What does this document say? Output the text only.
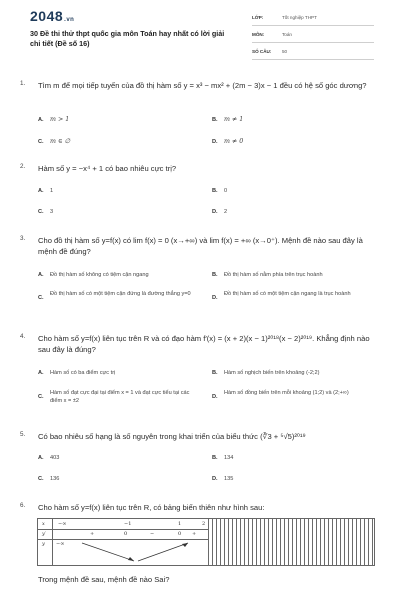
2048.vn
30 Đề thi thử thpt quốc gia môn Toán hay nhất có lời giải chi tiết (Đề số 16)
LỚP:	Tốt nghiệp THPT
MÔN:	Toán
SỐ CÂU: 50
1. Tìm m để mọi tiếp tuyến của đồ thị hàm số y = x³ − mx² + (2m − 3)x − 1 đều có hệ số góc dương?
A. m > 1	B. m ≠ 1
C. m ∈ ∅	D. m ≠ 0
2. Hàm số y = −x⁴ + 1 có bao nhiêu cực trị?
A. 1	B. 0
C. 3	D. 2
3. Cho đồ thị hàm số y=f(x) có lim f(x) = 0 (x→+∞) và lim f(x) = +∞ (x→0⁺). Mệnh đề nào sau đây là mệnh đề đúng?
A. Đồ thị hàm số không có tiệm cận ngang	B. Đồ thị hàm số nằm phía trên trục hoành
C.
Đồ thị hàm số có một tiệm cận đứng là đường thẳng y=0
D.
Đồ thị hàm số có một tiệm cận ngang là trục hoành
4. Cho hàm số y=f(x) liên tục trên R và có đạo hàm f′(x) = (x + 2)(x − 1)²⁰¹⁸(x − 2)²⁰¹⁹. Khẳng định nào sau đây là đúng?
A. Hàm số có ba điểm cực trị	B. Hàm số nghịch biến trên khoảng (-2;2)
C.
Hàm số đạt cực đại tại điểm x = 1 và đạt cực tiểu tại các điểm x = ±2
D.
Hàm số đồng biến trên mỗi khoảng (1;2) và (2;+∞)
5. Có bao nhiêu số hạng là số nguyên trong khai triển của biểu thức (∛3 + ⁵√5)²⁰¹⁹
A. 403	B. 134
C. 136	D. 135
6. Cho hàm số y=f(x) liên tục trên R, có bảng biến thiên như hình sau:
x	−∞	−1	1	2
y′	+	0	−	0 +
y −∞
Trong mệnh đề sau, mệnh đề nào Sai?
